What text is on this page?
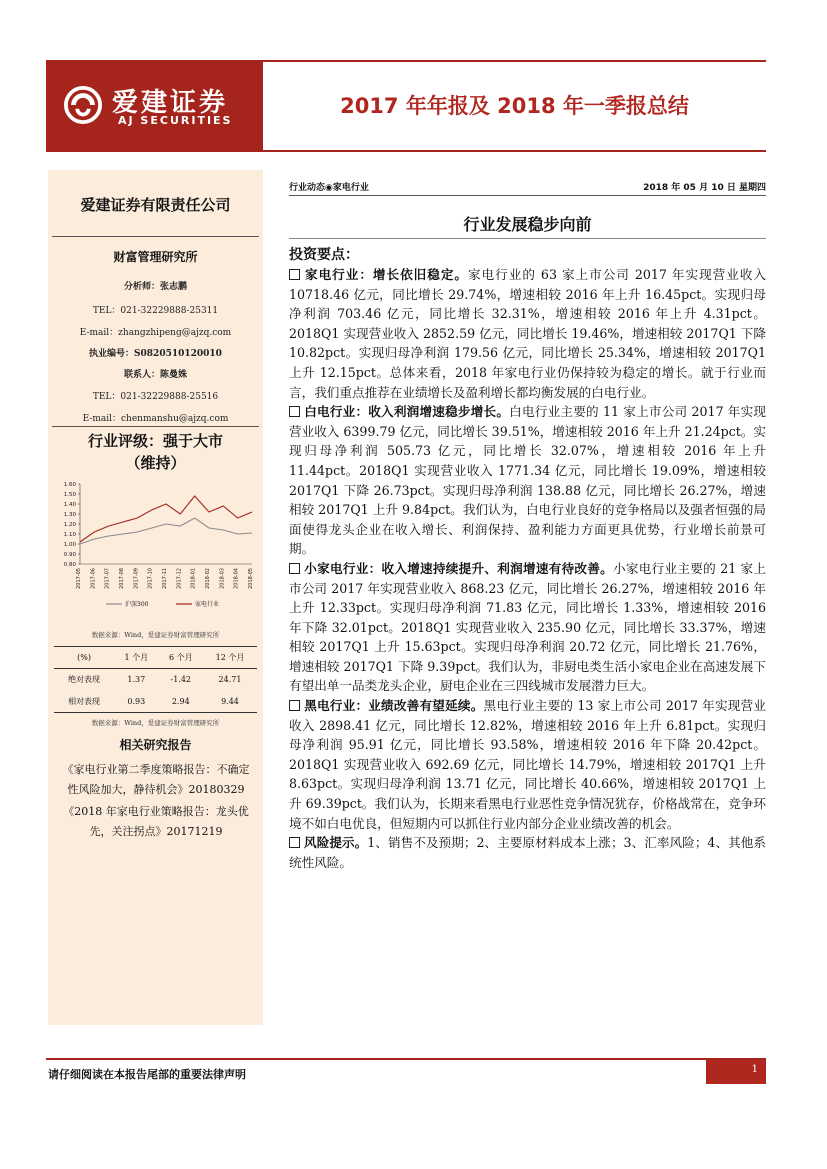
爱建证券
AJ SECURITIES
2017 年年报及 2018 年一季报总结
爱建证券有限责任公司
财富管理研究所
分析师：张志鹏
TEL：021-32229888-25311
E-mail：zhangzhipeng@ajzq.com
执业编号：S0820510120010
联系人：陈曼姝
TEL：021-32229888-25516
E-mail：chenmanshu@ajzq.com
行业评级：强于大市
（维持）
1.60
1.50
1.40
1.30
1.20
1.10
1.00
0.90
0.80
2017-05 2017-06 2017-07 2017-08 2017-09 2017-10 2017-11 2017-12 2018-01 2018-02 2018-03 2018-04 2018-05
沪深300	家电行业
数据来源：Wind，爱建证券财富管理研究所
(%)	1 个月	6 个月	12 个月
绝对表现	1.37	-1.42	24.71
相对表现	0.93	2.94	9.44
数据来源：Wind，爱建证券财富管理研究所
相关研究报告
《家电行业第二季度策略报告：不确定性风险加大，静待机会》20180329
《2018 年家电行业策略报告：龙头优先，关注拐点》20171219
行业动态◉家电行业	2018 年 05 月 10 日 星期四
行业发展稳步向前
投资要点：
家电行业：增长依旧稳定。家电行业的 63 家上市公司 2017 年实现营业收入 10718.46 亿元，同比增长 29.74%，增速相较 2016 年上升 16.45pct。实现归母净利润 703.46 亿元，同比增长 32.31%，增速相较 2016 年上升 4.31pct。2018Q1 实现营业收入 2852.59 亿元，同比增长 19.46%，增速相较 2017Q1 下降 10.82pct。实现归母净利润 179.56 亿元，同比增长 25.34%，增速相较 2017Q1 上升 12.15pct。总体来看，2018 年家电行业仍保持较为稳定的增长。就于行业而言，我们重点推荐在业绩增长及盈利增长都均衡发展的白电行业。
白电行业：收入利润增速稳步增长。白电行业主要的 11 家上市公司 2017 年实现营业收入 6399.79 亿元，同比增长 39.51%，增速相较 2016 年上升 21.24pct。实现归母净利润 505.73 亿元，同比增长 32.07%，增速相较 2016 年上升 11.44pct。2018Q1 实现营业收入 1771.34 亿元，同比增长 19.09%，增速相较 2017Q1 下降 26.73pct。实现归母净利润 138.88 亿元，同比增长 26.27%，增速相较 2017Q1 上升 9.84pct。我们认为，白电行业良好的竞争格局以及强者恒强的局面使得龙头企业在收入增长、利润保持、盈利能力方面更具优势，行业增长前景可期。
小家电行业：收入增速持续提升、利润增速有待改善。小家电行业主要的 21 家上市公司 2017 年实现营业收入 868.23 亿元，同比增长 26.27%，增速相较 2016 年上升 12.33pct。实现归母净利润 71.83 亿元，同比增长 1.33%，增速相较 2016 年下降 32.01pct。2018Q1 实现营业收入 235.90 亿元，同比增长 33.37%，增速相较 2017Q1 上升 15.63pct。实现归母净利润 20.72 亿元，同比增长 21.76%，增速相较 2017Q1 下降 9.39pct。我们认为，非厨电类生活小家电企业在高速发展下有望出单一品类龙头企业，厨电企业在三四线城市发展潜力巨大。
黑电行业：业绩改善有望延续。黑电行业主要的 13 家上市公司 2017 年实现营业收入 2898.41 亿元，同比增长 12.82%，增速相较 2016 年上升 6.81pct。实现归母净利润 95.91 亿元，同比增长 93.58%，增速相较 2016 年下降 20.42pct。2018Q1 实现营业收入 692.69 亿元，同比增长 14.79%，增速相较 2017Q1 上升 8.63pct。实现归母净利润 13.71 亿元，同比增长 40.66%，增速相较 2017Q1 上升 69.39pct。我们认为，长期来看黑电行业恶性竞争情况犹存，价格战常在，竞争环境不如白电优良，但短期内可以抓住行业内部分企业业绩改善的机会。
风险提示。1、销售不及预期；2、主要原材料成本上涨；3、汇率风险；4、其他系统性风险。
请仔细阅读在本报告尾部的重要法律声明	1
